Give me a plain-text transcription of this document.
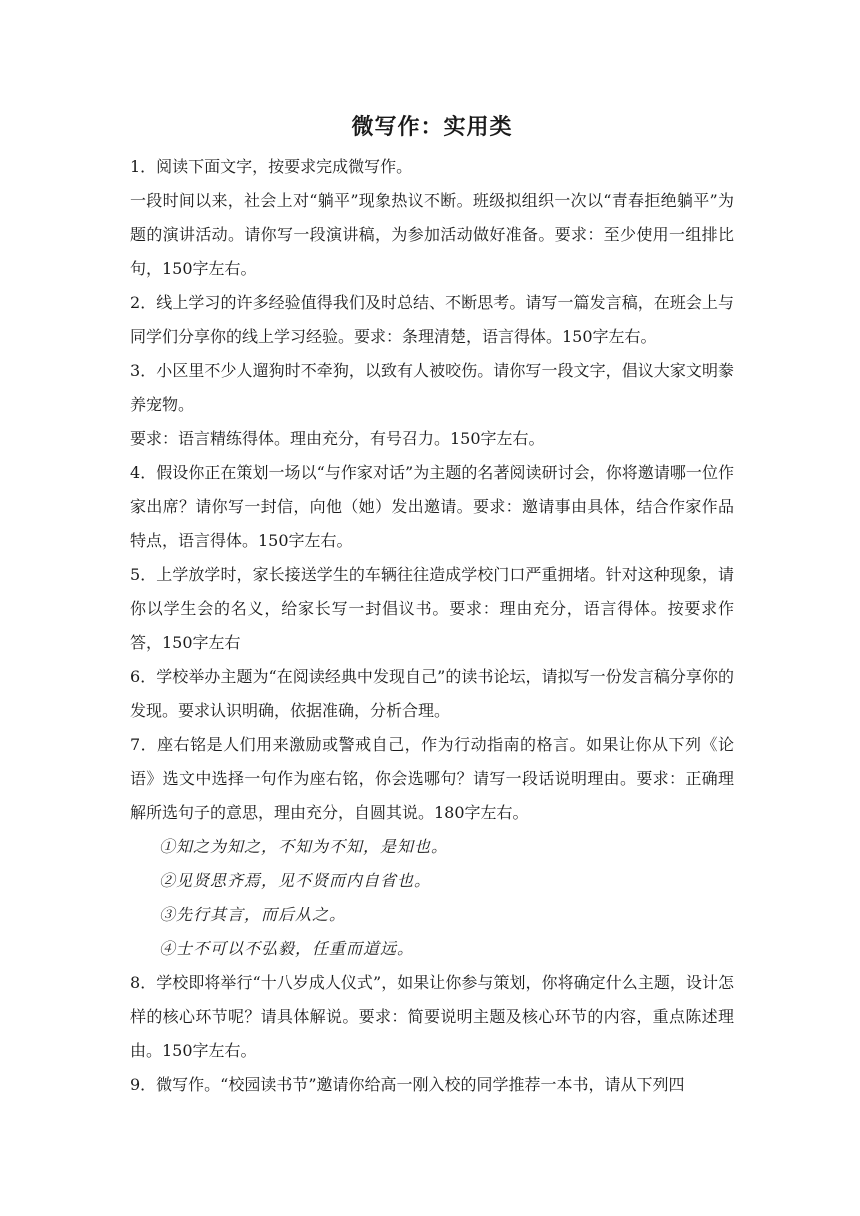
微写作：实用类

1．阅读下面文字，按要求完成微写作。

一段时间以来，社会上对“躺平”现象热议不断。班级拟组织一次以“青春拒绝躺平”为题的演讲活动。请你写一段演讲稿，为参加活动做好准备。要求：至少使用一组排比句，150字左右。

2．线上学习的许多经验值得我们及时总结、不断思考。请写一篇发言稿，在班会上与同学们分享你的线上学习经验。要求：条理清楚，语言得体。150字左右。

3．小区里不少人遛狗时不牵狗，以致有人被咬伤。请你写一段文字，倡议大家文明豢养宠物。

要求：语言精练得体。理由充分，有号召力。150字左右。

4．假设你正在策划一场以“与作家对话”为主题的名著阅读研讨会，你将邀请哪一位作家出席？请你写一封信，向他（她）发出邀请。要求：邀请事由具体，结合作家作品特点，语言得体。150字左右。

5．上学放学时，家长接送学生的车辆往往造成学校门口严重拥堵。针对这种现象，请你以学生会的名义，给家长写一封倡议书。要求：理由充分，语言得体。按要求作答，150字左右

6．学校举办主题为“在阅读经典中发现自己”的读书论坛，请拟写一份发言稿分享你的发现。要求认识明确，依据准确，分析合理。

7．座右铭是人们用来激励或警戒自己，作为行动指南的格言。如果让你从下列《论语》选文中选择一句作为座右铭，你会选哪句？请写一段话说明理由。要求：正确理解所选句子的意思，理由充分，自圆其说。180字左右。

①知之为知之，不知为不知，是知也。

②见贤思齐焉，见不贤而内自省也。

③先行其言，而后从之。

④士不可以不弘毅，任重而道远。

8．学校即将举行“十八岁成人仪式”，如果让你参与策划，你将确定什么主题，设计怎样的核心环节呢？请具体解说。要求：简要说明主题及核心环节的内容，重点陈述理由。150字左右。

9．微写作。“校园读书节”邀请你给高一刚入校的同学推荐一本书，请从下列四
